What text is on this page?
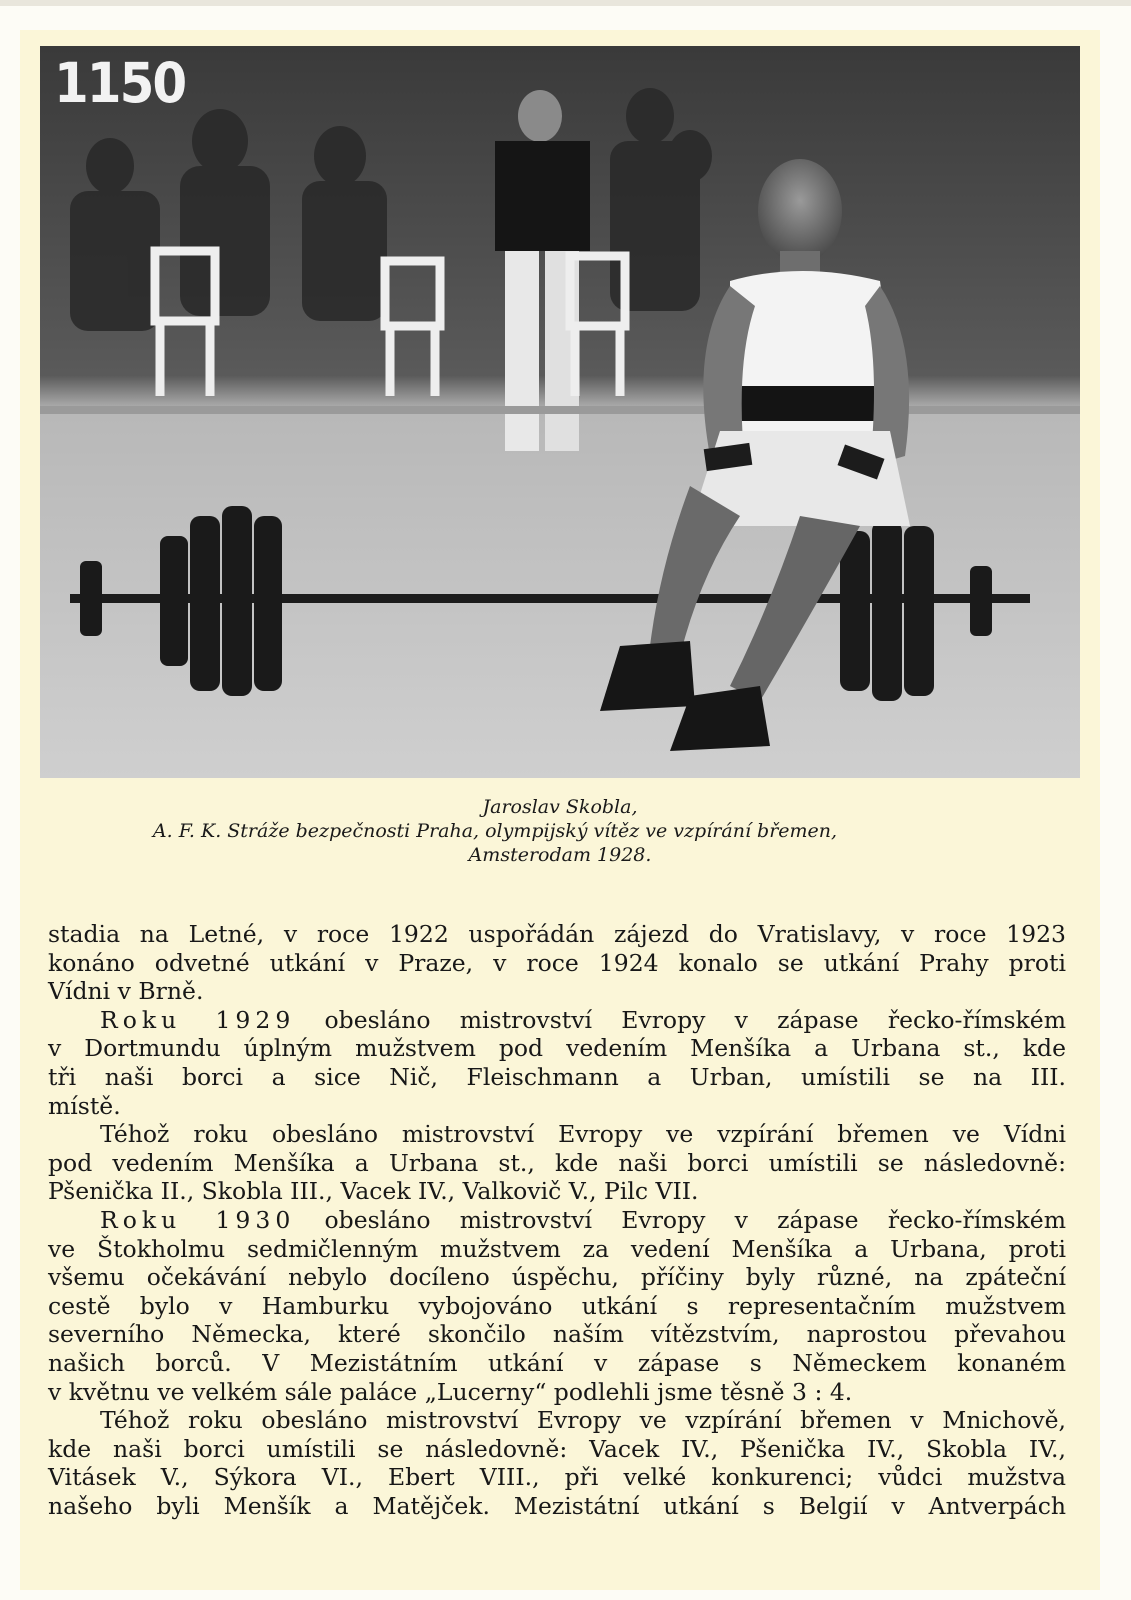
1150
Jaroslav Skobla,
A. F. K. Stráže bezpečnosti Praha, olympijský vítěz ve vzpírání břemen,
Amsterodam 1928.
stadia na Letné, v roce 1922 uspořádán zájezd do Vratislavy, v roce 1923
konáno odvetné utkání v Praze, v roce 1924 konalo se utkání Prahy proti
Vídni v Brně.
Roku 1929 obesláno mistrovství Evropy v zápase řecko-římském
v Dortmundu úplným mužstvem pod vedením Menšíka a Urbana st., kde
tři naši borci a sice Nič, Fleischmann a Urban, umístili se na III.
místě.
Téhož roku obesláno mistrovství Evropy ve vzpírání břemen ve Vídni
pod vedením Menšíka a Urbana st., kde naši borci umístili se následovně:
Pšenička II., Skobla III., Vacek IV., Valkovič V., Pilc VII.
Roku 1930 obesláno mistrovství Evropy v zápase řecko-římském
ve Štokholmu sedmičlenným mužstvem za vedení Menšíka a Urbana, proti
všemu očekávání nebylo docíleno úspěchu, příčiny byly různé, na zpáteční
cestě bylo v Hamburku vybojováno utkání s representačním mužstvem
severního Německa, které skončilo naším vítězstvím, naprostou převahou
našich borců. V Mezistátním utkání v zápase s Německem konaném
v květnu ve velkém sále paláce „Lucerny“ podlehli jsme těsně 3 : 4.
Téhož roku obesláno mistrovství Evropy ve vzpírání břemen v Mnichově,
kde naši borci umístili se následovně: Vacek IV., Pšenička IV., Skobla IV.,
Vitásek V., Sýkora VI., Ebert VIII., při velké konkurenci; vůdci mužstva
našeho byli Menšík a Matějček. Mezistátní utkání s Belgií v Antverpách
